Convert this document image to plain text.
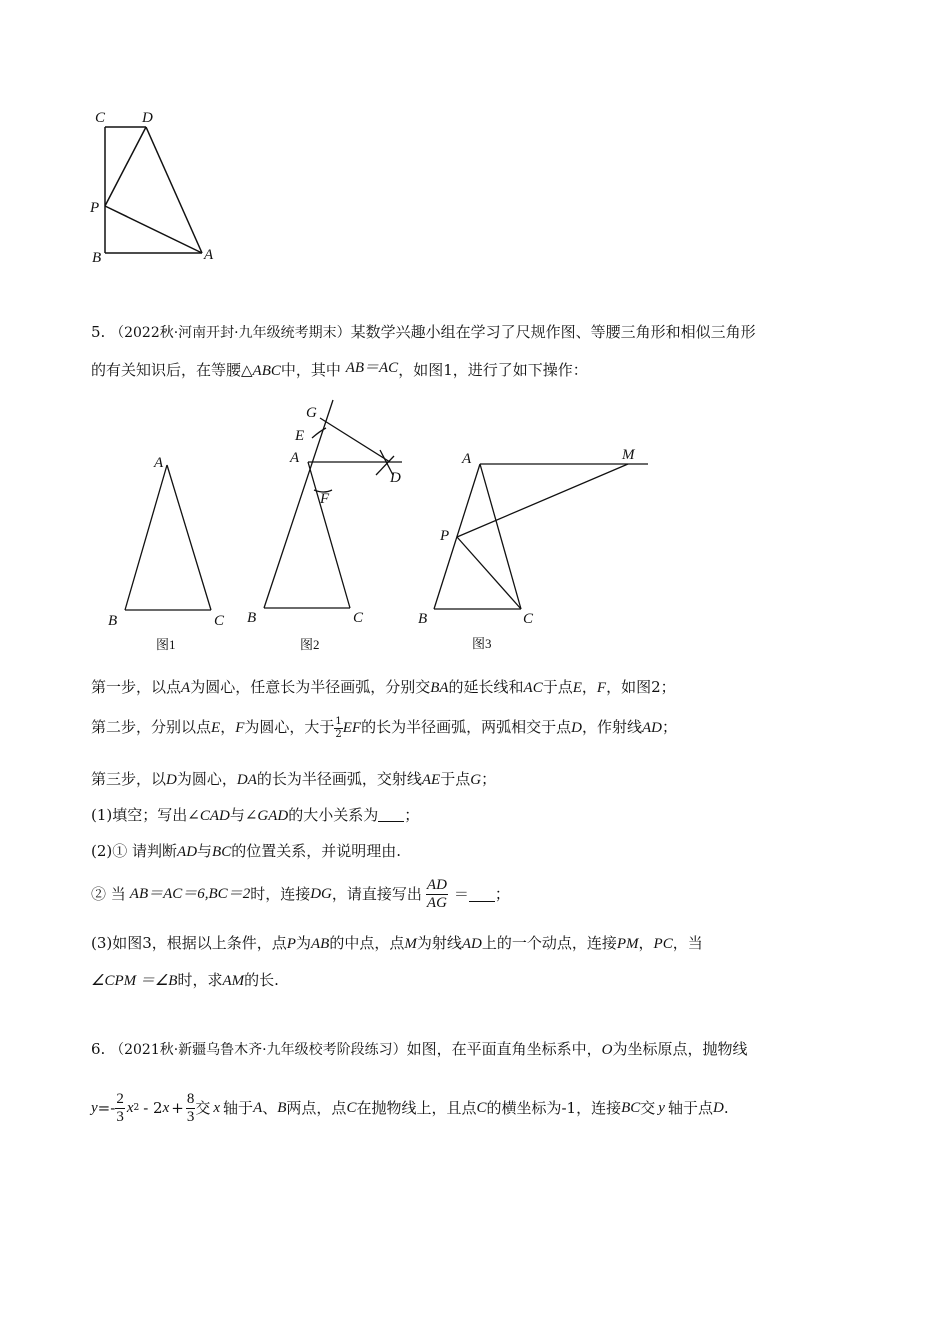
C D
P
B	A
5. （2022秋·河南开封·九年级统考期末）某数学兴趣小组在学习了尺规作图、等腰三角形和相似三角形
的有关知识后，在等腰△ABC中，其中 AB＝AC，如图1，进行了如下操作：
A
B	C
图1
G
E
A
D
F
B	C
图2
A	M
P
B	C
图3
第一步，以点A为圆心，任意长为半径画弧，分别交BA的延长线和AC于点E，F，如图2；
第二步，分别以点E，F为圆心，大于 $\frac{1}{2}$ EF的长为半径画弧，两弧相交于点D，作射线AD；
第三步，以D为圆心，DA的长为半径画弧，交射线AE于点G；
(1)填空；写出∠CAD与∠GAD的大小关系为 ；
(2)① 请判断AD与BC的位置关系，并说明理由.
② 当 AB＝AC＝6,BC＝2 时，连接 DG ，请直接写出 $\frac{AD}{AG}$ ＝ ；
(3)如图3，根据以上条件，点P为AB的中点，点M为射线AD上的一个动点，连接PM，PC，当
∠CPM ＝∠B时，求AM的长.
6. （2021秋·新疆乌鲁木齐·九年级校考阶段练习）如图，在平面直角坐标系中，O为坐标原点，抛物线
$y =- \frac{2}{3}$ x 2 - 2 $x + \frac{8}{3}$ 交 x 轴于 A 、 B 两点，点 C 在抛物线上，且点 C 的横坐标为-1，连接 BC 交 y 轴于点 D .
